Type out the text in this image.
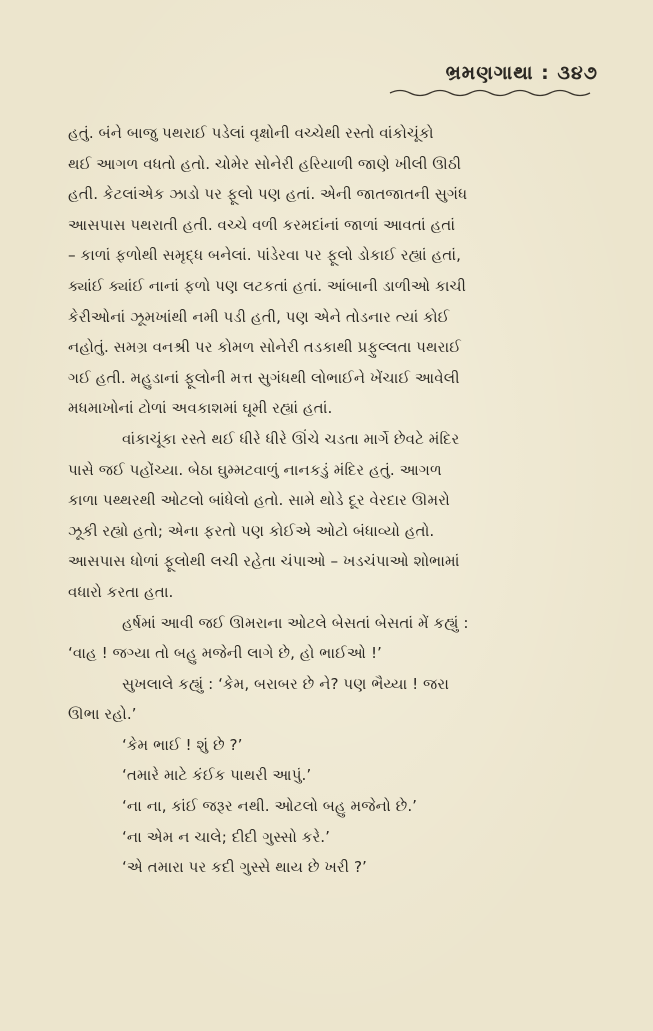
ભ્રમણગાથા : ૩૪૭

હતું. બંને બાજુ પથરાઈ પડેલાં વૃક્ષોની વચ્ચેથી રસ્તો વાંકોચૂંકો
થઈ આગળ વધતો હતો. ચોમેર સોનેરી હરિયાળી જાણે ખીલી ઊઠી
હતી. કેટલાંએક ઝાડો પર ફૂલો પણ હતાં. એની જાતજાતની સુગંધ
આસપાસ પથરાતી હતી. વચ્ચે વળી કરમદાંનાં જાળાં આવતાં હતાં
– કાળાં ફળોથી સમૃદ્ધ બનેલાં. પાંડેરવા પર ફૂલો ડોકાઈ રહ્યાં હતાં,
ક્યાંઈ ક્યાંઈ નાનાં ફળો પણ લટકતાં હતાં. આંબાની ડાળીઓ કાચી
કેરીઓનાં ઝૂમખાંથી નમી પડી હતી, પણ એને તોડનાર ત્યાં કોઈ
નહોતું. સમગ્ર વનશ્રી પર કોમળ સોનેરી તડકાથી પ્રફુલ્લતા પથરાઈ
ગઈ હતી. મહુડાનાં ફૂલોની મત્ત સુગંધથી લોભાઈને ખેંચાઈ આવેલી
મધમાખોનાં ટોળાં અવકાશમાં ઘૂમી રહ્યાં હતાં.

વાંકાચૂંકા રસ્તે થઈ ધીરે ધીરે ઊંચે ચડતા માર્ગે છેવટે મંદિર
પાસે જઈ પહોંચ્યા. બેઠા ઘુમ્મટવાળું નાનકડું મંદિર હતું. આગળ
કાળા પથ્થરથી ઓટલો બાંધેલો હતો. સામે થોડે દૂર વેરદાર ઊમરો
ઝૂકી રહ્યો હતો; એના ફરતો પણ કોઈએ ઓટો બંધાવ્યો હતો.
આસપાસ ધોળાં ફૂલોથી લચી રહેતા ચંપાઓ – ખડચંપાઓ શોભામાં
વધારો કરતા હતા.

હર્ષમાં આવી જઈ ઊમરાના ઓટલે બેસતાં બેસતાં મેં કહ્યું :
‘વાહ ! જગ્યા તો બહુ મજેની લાગે છે, હો ભાઈઓ !’

સુખલાલે કહ્યું : ‘કેમ, બરાબર છે ને? પણ ભૈય્યા ! જરા
ઊભા રહો.’

‘કેમ ભાઈ ! શું છે ?’

‘તમારે માટે કંઈક પાથરી આપું.’

‘ના ના, કાંઈ જરૂર નથી. ઓટલો બહુ મજેનો છે.’

‘ના એમ ન ચાલે; દીદી ગુસ્સો કરે.’

‘એ તમારા પર કદી ગુસ્સે થાય છે ખરી ?’
